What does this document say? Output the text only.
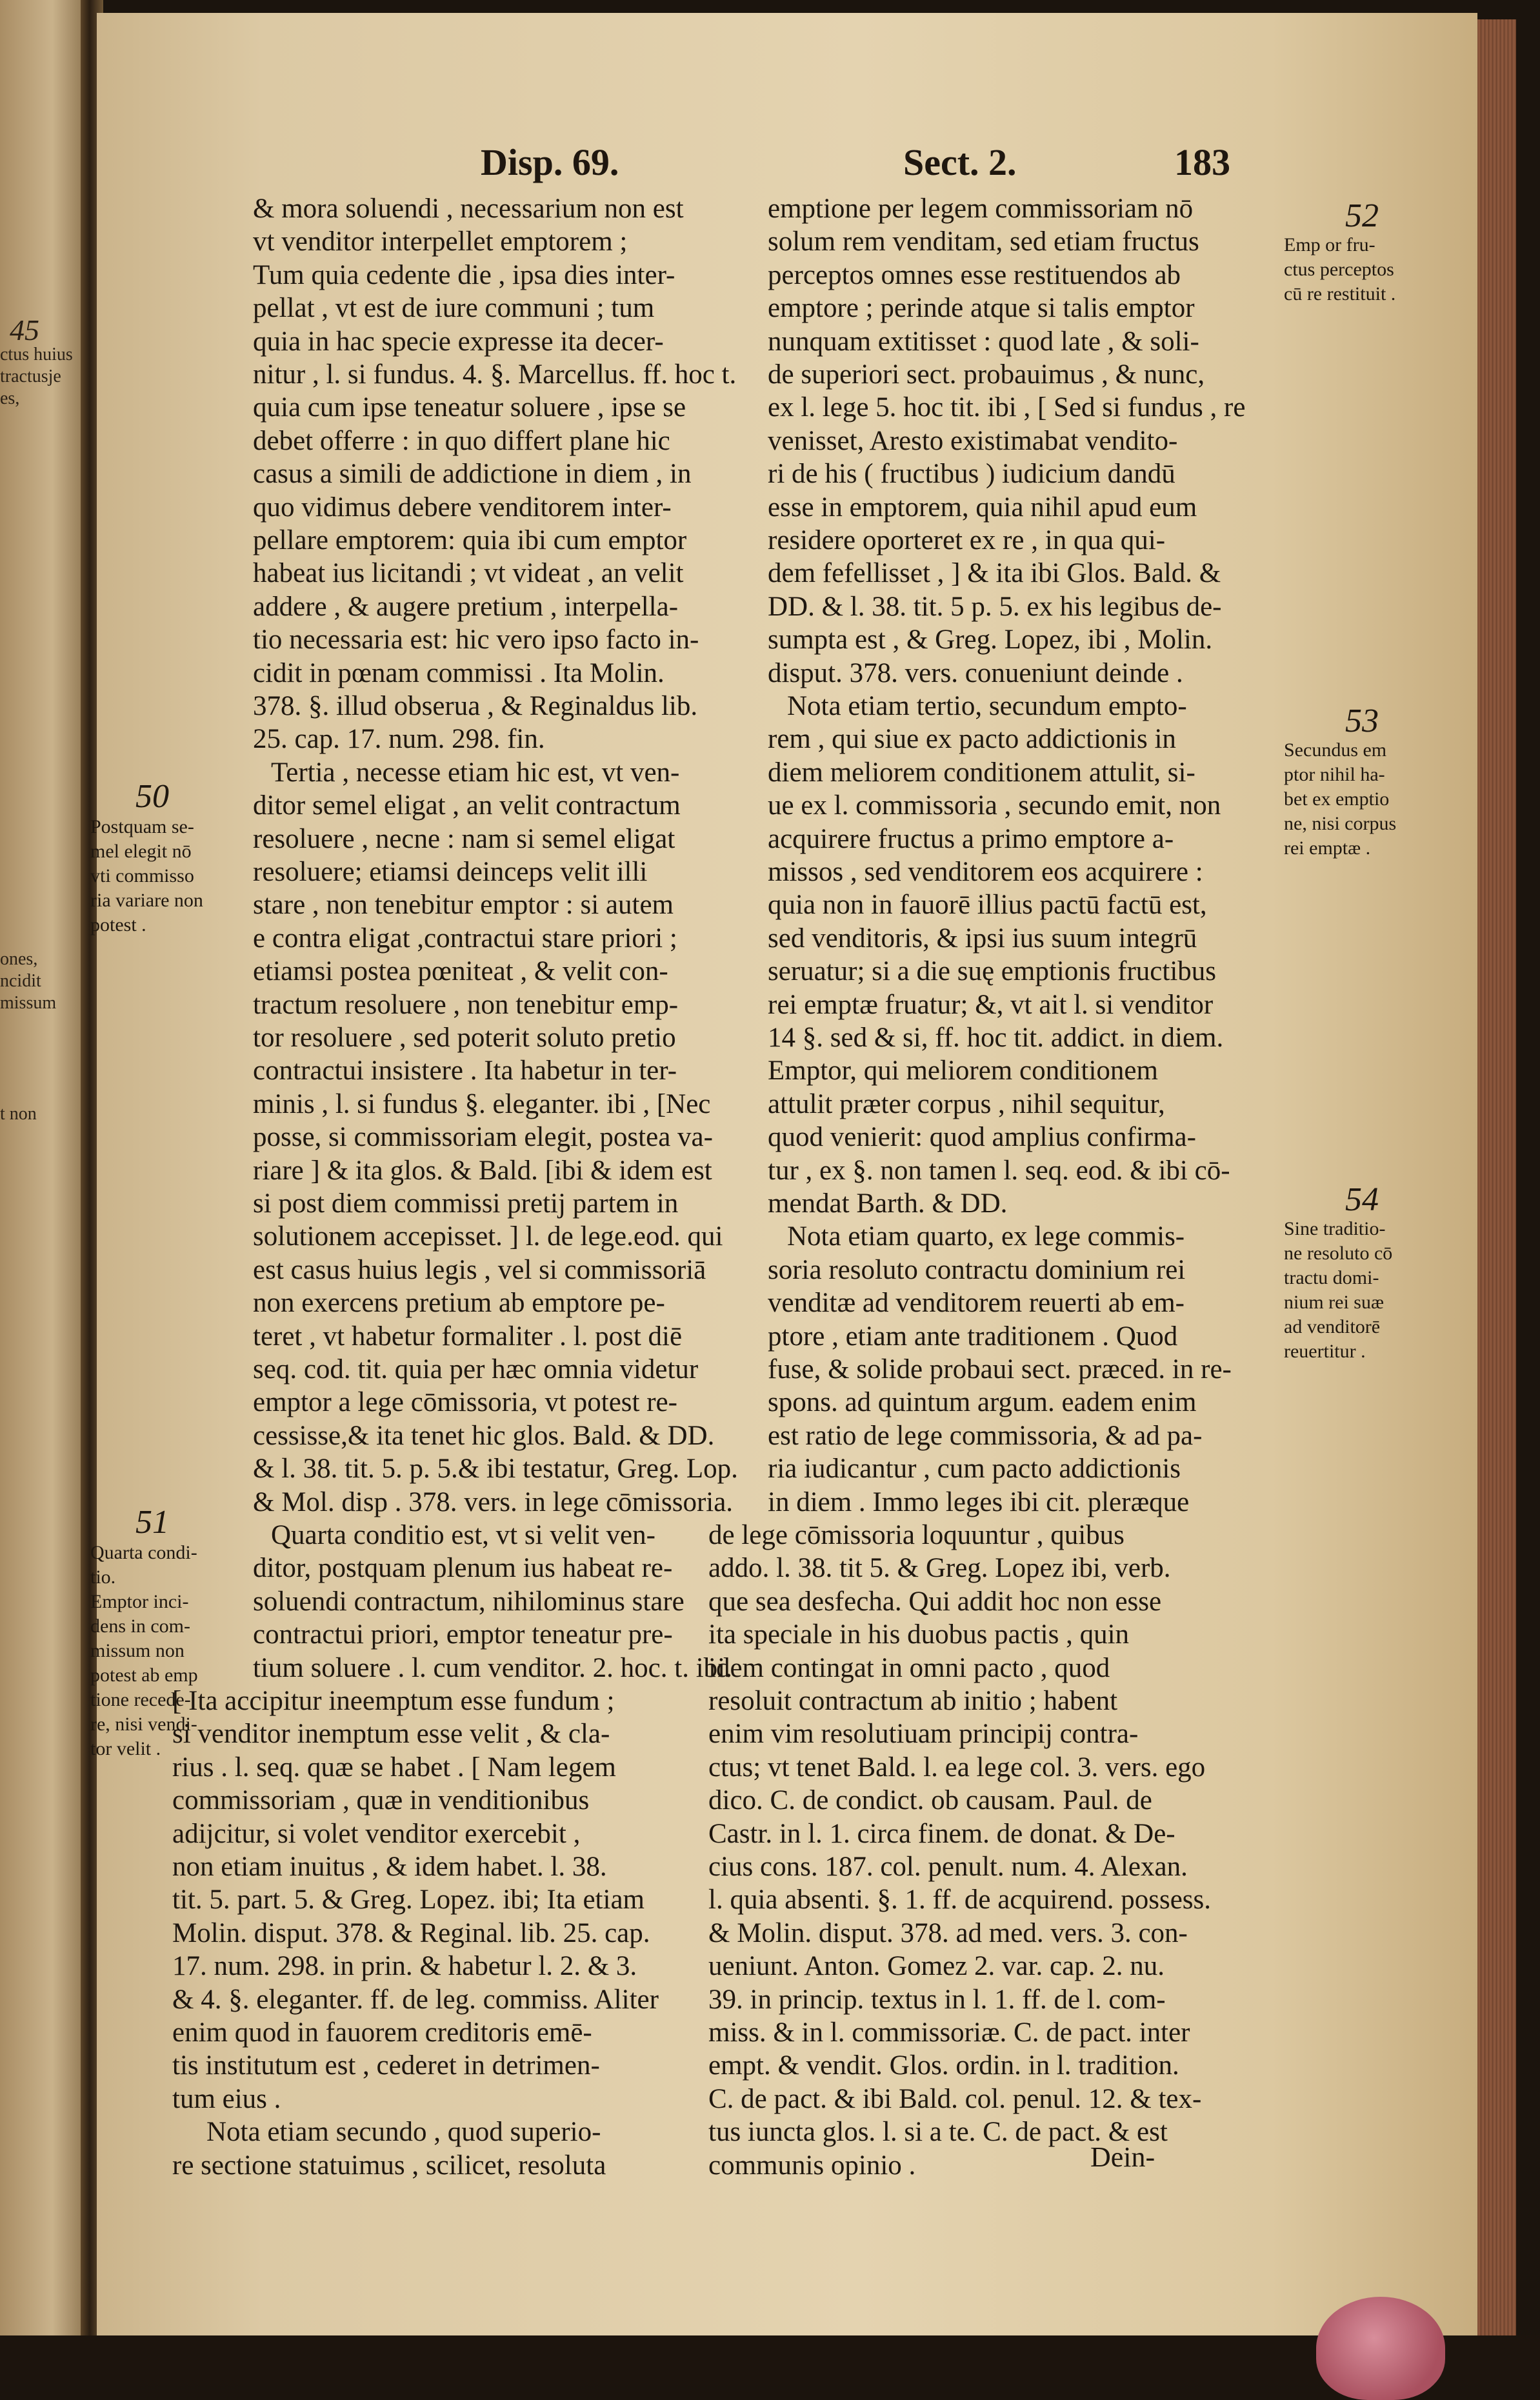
Disp. 69.	Sect. 2.	183
45
ctus huius
tractusje
es,
ones,
ncidit
missum
t non
& mora soluendi , necessarium non est
vt venditor interpellet emptorem ;
Tum quia cedente die , ipsa dies inter-
pellat , vt est de iure communi ; tum
quia in hac specie expresse ita decer-
nitur , l. si fundus. 4. §. Marcellus. ff. hoc t.
quia cum ipse teneatur soluere , ipse se
debet offerre : in quo differt plane hic
casus a simili de addictione in diem , in
quo vidimus debere venditorem inter-
pellare emptorem: quia ibi cum emptor
habeat ius licitandi ; vt videat , an velit
addere , & augere pretium , interpella-
tio necessaria est: hic vero ipso facto in-
cidit in pœnam commissi . Ita Molin.
378. §. illud obserua , & Reginaldus lib.
25. cap. 17. num. 298. fin.
Tertia , necesse etiam hic est, vt ven-
ditor semel eligat , an velit contractum
resoluere , necne : nam si semel eligat
resoluere; etiamsi deinceps velit illi
stare , non tenebitur emptor : si autem
e contra eligat ,contractui stare priori ;
etiamsi postea pœniteat , & velit con-
tractum resoluere , non tenebitur emp-
tor resoluere , sed poterit soluto pretio
contractui insistere . Ita habetur in ter-
minis , l. si fundus §. eleganter. ibi , [Nec
posse, si commissoriam elegit, postea va-
riare ] & ita glos. & Bald. [ibi & idem est
si post diem commissi pretij partem in
solutionem accepisset. ] l. de lege.eod. qui
est casus huius legis , vel si commissoriā
non exercens pretium ab emptore pe-
teret , vt habetur formaliter . l. post diē
seq. cod. tit. quia per hæc omnia videtur
emptor a lege cōmissoria, vt potest re-
cessisse,& ita tenet hic glos. Bald. & DD.
& l. 38. tit. 5. p. 5.& ibi testatur, Greg. Lop.
& Mol. disp . 378. vers. in lege cōmissoria.
Quarta conditio est, vt si velit ven-
ditor, postquam plenum ius habeat re-
soluendi contractum, nihilominus stare
contractui priori, emptor teneatur pre-
tium soluere . l. cum venditor. 2. hoc. t. ibi.
[ Ita accipitur ineemptum esse fundum ;
si venditor inemptum esse velit , & cla-
rius . l. seq. quæ se habet . [ Nam legem
commissoriam , quæ in venditionibus
adijcitur, si volet venditor exercebit ,
non etiam inuitus , & idem habet. l. 38.
tit. 5. part. 5. & Greg. Lopez. ibi; Ita etiam
Molin. disput. 378. & Reginal. lib. 25. cap.
17. num. 298. in prin. & habetur l. 2. & 3.
& 4. §. eleganter. ff. de leg. commiss. Aliter
enim quod in fauorem creditoris emē-
tis institutum est , cederet in detrimen-
tum eius .
Nota etiam secundo , quod superio-
re sectione statuimus , scilicet, resoluta
emptione per legem commissoriam nō
solum rem venditam, sed etiam fructus
perceptos omnes esse restituendos ab
emptore ; perinde atque si talis emptor
nunquam extitisset : quod late , & soli-
de superiori sect. probauimus , & nunc,
ex l. lege 5. hoc tit. ibi , [ Sed si fundus , re
venisset, Aresto existimabat vendito-
ri de his ( fructibus ) iudicium dandū
esse in emptorem, quia nihil apud eum
residere oporteret ex re , in qua qui-
dem fefellisset , ] & ita ibi Glos. Bald. &
DD. & l. 38. tit. 5 p. 5. ex his legibus de-
sumpta est , & Greg. Lopez, ibi , Molin.
disput. 378. vers. conueniunt deinde .
Nota etiam tertio, secundum empto-
rem , qui siue ex pacto addictionis in
diem meliorem conditionem attulit, si-
ue ex l. commissoria , secundo emit, non
acquirere fructus a primo emptore a-
missos , sed venditorem eos acquirere :
quia non in fauorē illius pactū factū est,
sed venditoris, & ipsi ius suum integrū
seruatur; si a die suę emptionis fructibus
rei emptæ fruatur; &, vt ait l. si venditor
14 §. sed & si, ff. hoc tit. addict. in diem.
Emptor, qui meliorem conditionem
attulit præter corpus , nihil sequitur,
quod venierit: quod amplius confirma-
tur , ex §. non tamen l. seq. eod. & ibi cō-
mendat Barth. & DD.
Nota etiam quarto, ex lege commis-
soria resoluto contractu dominium rei
venditæ ad venditorem reuerti ab em-
ptore , etiam ante traditionem . Quod
fuse, & solide probaui sect. præced. in re-
spons. ad quintum argum. eadem enim
est ratio de lege commissoria, & ad pa-
ria iudicantur , cum pacto addictionis
in diem . Immo leges ibi cit. pleræque
de lege cōmissoria loquuntur , quibus
addo. l. 38. tit 5. & Greg. Lopez ibi, verb.
que sea desfecha. Qui addit hoc non esse
ita speciale in his duobus pactis , quin
idem contingat in omni pacto , quod
resoluit contractum ab initio ; habent
enim vim resolutiuam principij contra-
ctus; vt tenet Bald. l. ea lege col. 3. vers. ego
dico. C. de condict. ob causam. Paul. de
Castr. in l. 1. circa finem. de donat. & De-
cius cons. 187. col. penult. num. 4. Alexan.
l. quia absenti. §. 1. ff. de acquirend. possess.
& Molin. disput. 378. ad med. vers. 3. con-
ueniunt. Anton. Gomez 2. var. cap. 2. nu.
39. in princip. textus in l. 1. ff. de l. com-
miss. & in l. commissoriæ. C. de pact. inter
empt. & vendit. Glos. ordin. in l. tradition.
C. de pact. & ibi Bald. col. penul. 12. & tex-
tus iuncta glos. l. si a te. C. de pact. & est
communis opinio .
50
Postquam se-
mel elegit nō
vti commisso
ria variare non
potest .
51
Quarta condi-
tio.
Emptor inci-
dens in com-
missum non
potest ab emp
tione recede-
re, nisi vendi-
tor velit .
52
Emp or fru-
ctus perceptos
cū re restituit .
53
Secundus em
ptor nihil ha-
bet ex emptio
ne, nisi corpus
rei emptæ .
54
Sine traditio-
ne resoluto cō
tractu domi-
nium rei suæ
ad venditorē
reuertitur .
Dein-
